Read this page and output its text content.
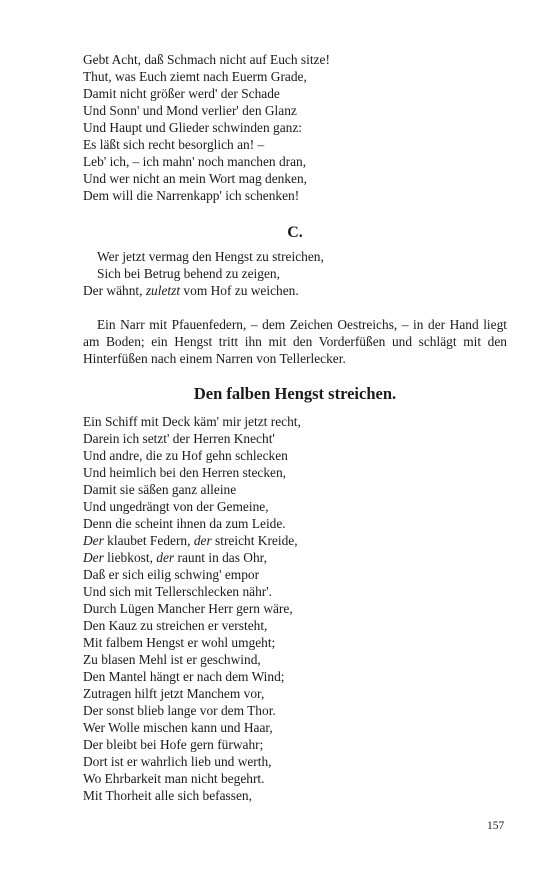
Gebt Acht, daß Schmach nicht auf Euch sitze!
Thut, was Euch ziemt nach Euerm Grade,
Damit nicht größer werd' der Schade
Und Sonn' und Mond verlier' den Glanz
Und Haupt und Glieder schwinden ganz:
Es läßt sich recht besorglich an! –
Leb' ich, – ich mahn' noch manchen dran,
Und wer nicht an mein Wort mag denken,
Dem will die Narrenkapp' ich schenken!
C.
Wer jetzt vermag den Hengst zu streichen,
Sich bei Betrug behend zu zeigen,
Der wähnt, zuletzt vom Hof zu weichen.
Ein Narr mit Pfauenfedern, – dem Zeichen Oestreichs, – in der Hand liegt am Boden; ein Hengst tritt ihn mit den Vorderfüßen und schlägt mit den Hinterfüßen nach einem Narren von Tellerlecker.
Den falben Hengst streichen.
Ein Schiff mit Deck käm' mir jetzt recht,
Darein ich setzt' der Herren Knecht'
Und andre, die zu Hof gehn schlecken
Und heimlich bei den Herren stecken,
Damit sie säßen ganz alleine
Und ungedrängt von der Gemeine,
Denn die scheint ihnen da zum Leide.
Der klaubet Federn, der streicht Kreide,
Der liebkost, der raunt in das Ohr,
Daß er sich eilig schwing' empor
Und sich mit Tellerschlecken nähr'.
Durch Lügen Mancher Herr gern wäre,
Den Kauz zu streichen er versteht,
Mit falbem Hengst er wohl umgeht;
Zu blasen Mehl ist er geschwind,
Den Mantel hängt er nach dem Wind;
Zutragen hilft jetzt Manchem vor,
Der sonst blieb lange vor dem Thor.
Wer Wolle mischen kann und Haar,
Der bleibt bei Hofe gern fürwahr;
Dort ist er wahrlich lieb und werth,
Wo Ehrbarkeit man nicht begehrt.
Mit Thorheit alle sich befassen,
157
